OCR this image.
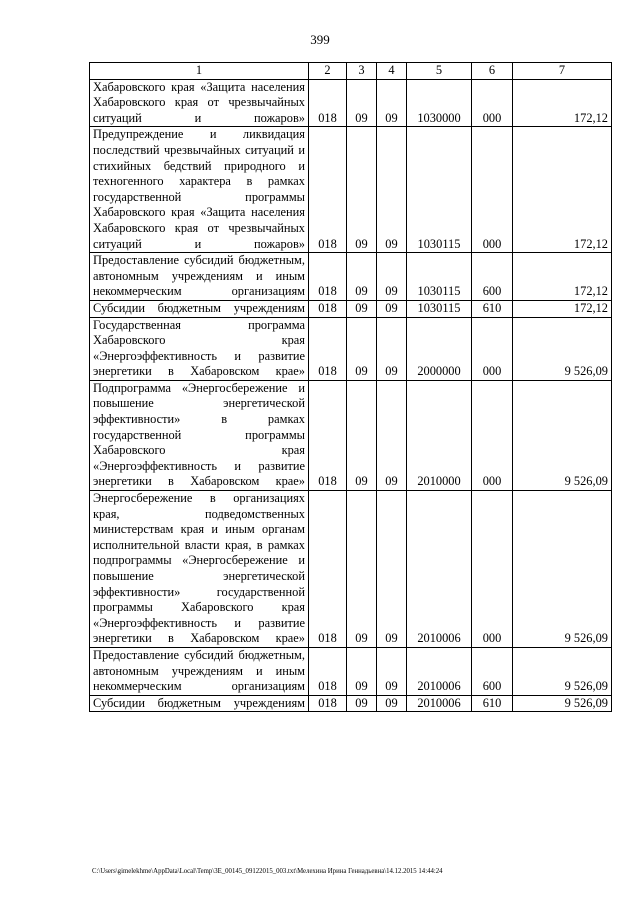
399
1	2	3	4	5	6	7
Хабаровского края «Защита населения Хабаровского края от чрезвычайных ситуаций и пожаров»	018	09	09	1030000	000	172,12
Предупреждение и ликвидация последствий чрезвычайных ситуаций и стихийных бедствий природного и техногенного характера в рамках государственной программы Хабаровского края «Защита населения Хабаровского края от чрезвычайных ситуаций и пожаров»	018	09	09	1030115	000	172,12
Предоставление субсидий бюджетным, автономным учреждениям и иным некоммерческим организациям	018	09	09	1030115	600	172,12
Субсидии бюджетным учреждениям	018	09	09	1030115	610	172,12
Государственная программа Хабаровского края «Энергоэффективность и развитие энергетики в Хабаровском крае»	018	09	09	2000000	000	9 526,09
Подпрограмма «Энергосбережение и повышение энергетической эффективности» в рамках государственной программы Хабаровского края «Энергоэффективность и развитие энергетики в Хабаровском крае»	018	09	09	2010000	000	9 526,09
Энергосбережение в организациях края, подведомственных министерствам края и иным органам исполнительной власти края, в рамках подпрограммы «Энергосбережение и повышение энергетической эффективности» государственной программы Хабаровского края «Энергоэффективность и развитие энергетики в Хабаровском крае»	018	09	09	2010006	000	9 526,09
Предоставление субсидий бюджетным, автономным учреждениям и иным некоммерческим организациям	018	09	09	2010006	600	9 526,09
Субсидии бюджетным учреждениям	018	09	09	2010006	610	9 526,09
C:\Users\gimelekhme\AppData\Local\Temp\3E_00145_09122015_003.txt\Мелехина Ирина Геннадьевна\14.12.2015 14:44:24
